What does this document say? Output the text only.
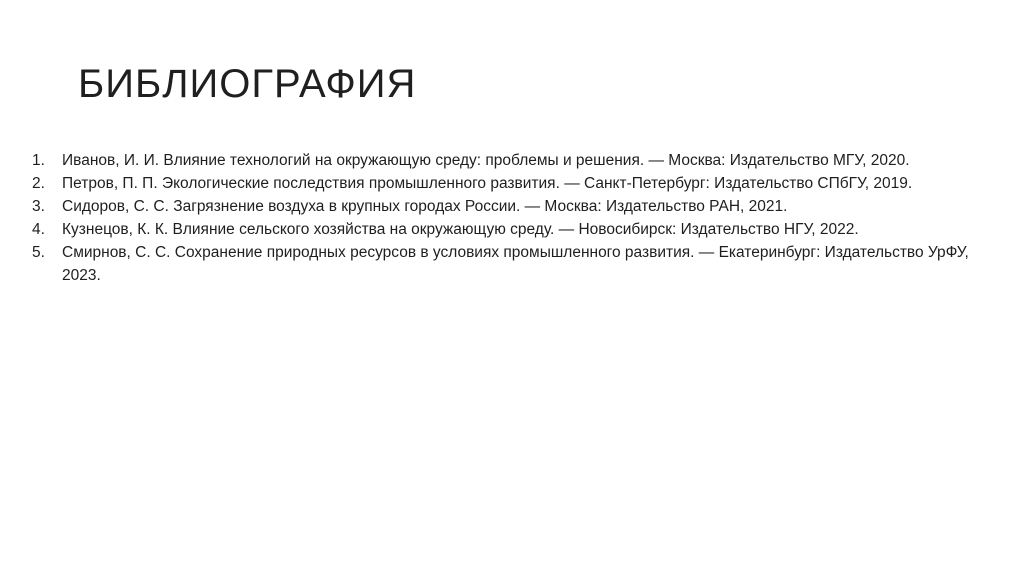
БИБЛИОГРАФИЯ
1. Иванов, И. И. Влияние технологий на окружающую среду: проблемы и решения. — Москва: Издательство МГУ, 2020.
2. Петров, П. П. Экологические последствия промышленного развития. — Санкт-Петербург: Издательство СПбГУ, 2019.
3. Сидоров, С. С. Загрязнение воздуха в крупных городах России. — Москва: Издательство РАН, 2021.
4. Кузнецов, К. К. Влияние сельского хозяйства на окружающую среду. — Новосибирск: Издательство НГУ, 2022.
5. Смирнов, С. С. Сохранение природных ресурсов в условиях промышленного развития. — Екатеринбург: Издательство УрФУ, 2023.
